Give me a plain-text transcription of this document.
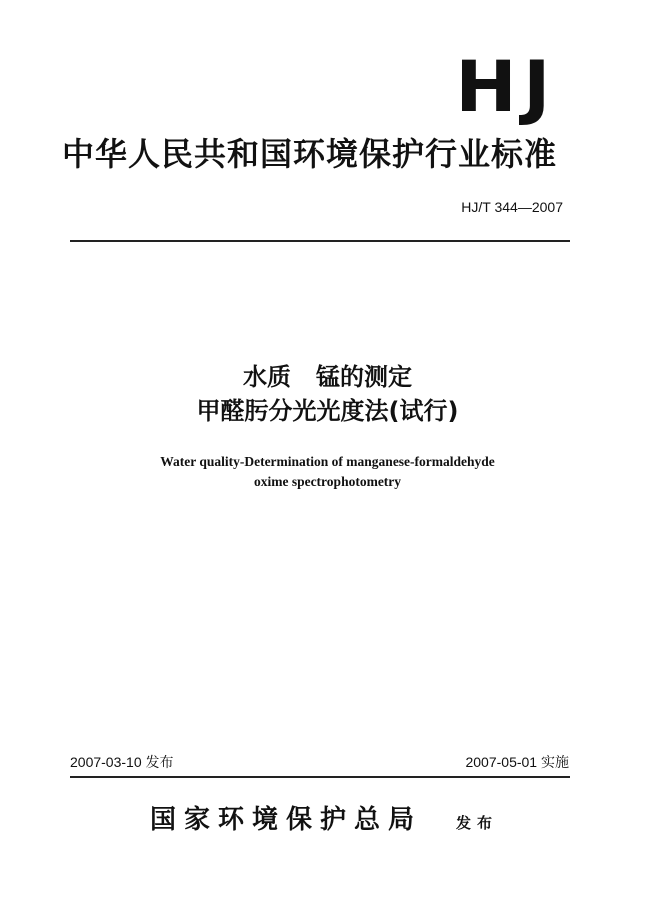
HJ
中华人民共和国环境保护行业标准
HJ/T 344—2007
水质   锰的测定
甲醛肟分光光度法(试行)
Water quality-Determination of manganese-formaldehyde
oxime spectrophotometry
2007-03-10 发布	2007-05-01 实施
国家环境保护总局 发布
